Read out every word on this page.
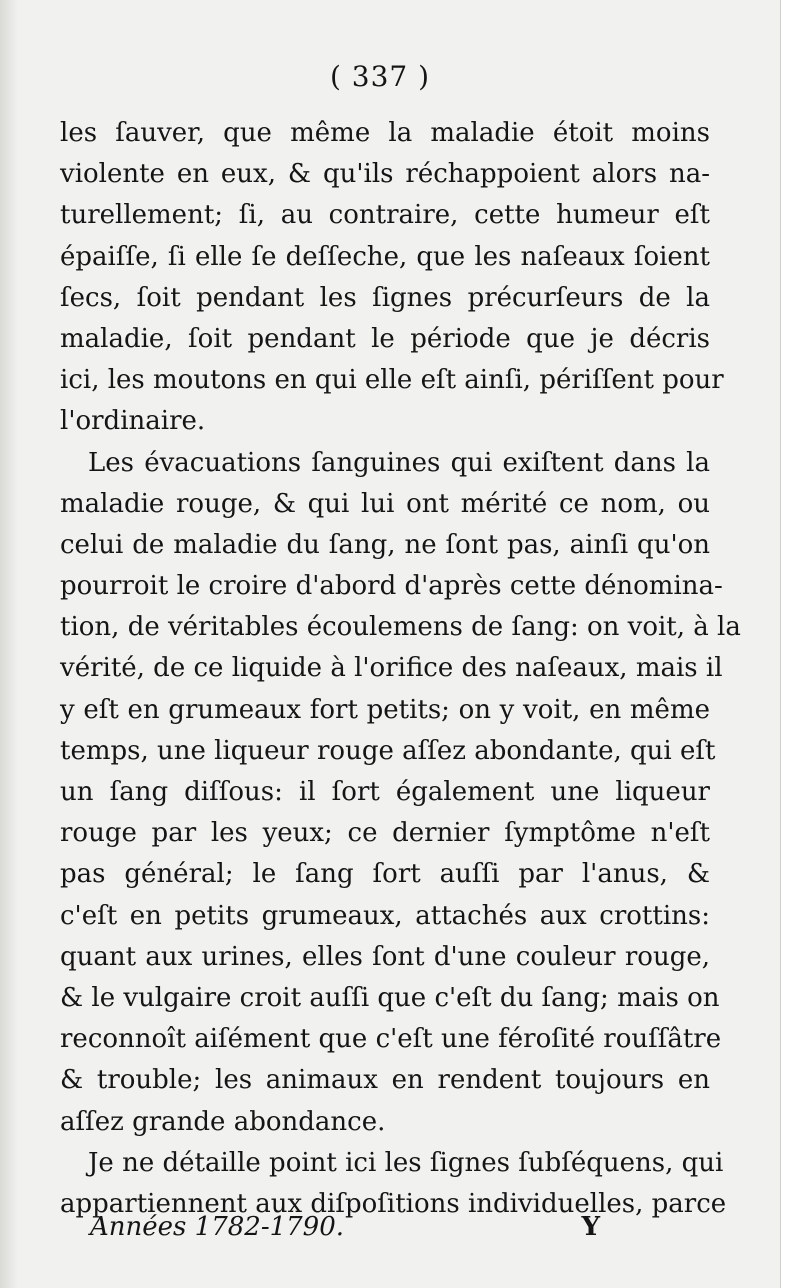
( 337 )
les ſauver, que même la maladie étoit moins
violente en eux, & qu'ils réchappoient alors na-
turellement; ſi, au contraire, cette humeur eſt
épaiſſe, ſi elle ſe deſſeche, que les naſeaux ſoient
ſecs, ſoit pendant les ſignes précurſeurs de la
maladie, ſoit pendant le période que je décris
ici, les moutons en qui elle eſt ainſi, périſſent pour
l'ordinaire.
Les évacuations ſanguines qui exiſtent dans la
maladie rouge, & qui lui ont mérité ce nom, ou
celui de maladie du ſang, ne ſont pas, ainſi qu'on
pourroit le croire d'abord d'après cette dénomina-
tion, de véritables écoulemens de ſang: on voit, à la
vérité, de ce liquide à l'orifice des naſeaux, mais il
y eſt en grumeaux fort petits; on y voit, en même
temps, une liqueur rouge aſſez abondante, qui eſt
un ſang diſſous: il ſort également une liqueur
rouge par les yeux; ce dernier ſymptôme n'eſt
pas général; le ſang ſort auſſi par l'anus, &
c'eſt en petits grumeaux, attachés aux crottins:
quant aux urines, elles ſont d'une couleur rouge,
& le vulgaire croit auſſi que c'eſt du ſang; mais on
reconnoît aiſément que c'eſt une féroſité rouſſâtre
& trouble; les animaux en rendent toujours en
aſſez grande abondance.
Je ne détaille point ici les ſignes ſubſéquens, qui
appartiennent aux diſpoſitions individuelles, parce
Années 1782-1790.	Y
